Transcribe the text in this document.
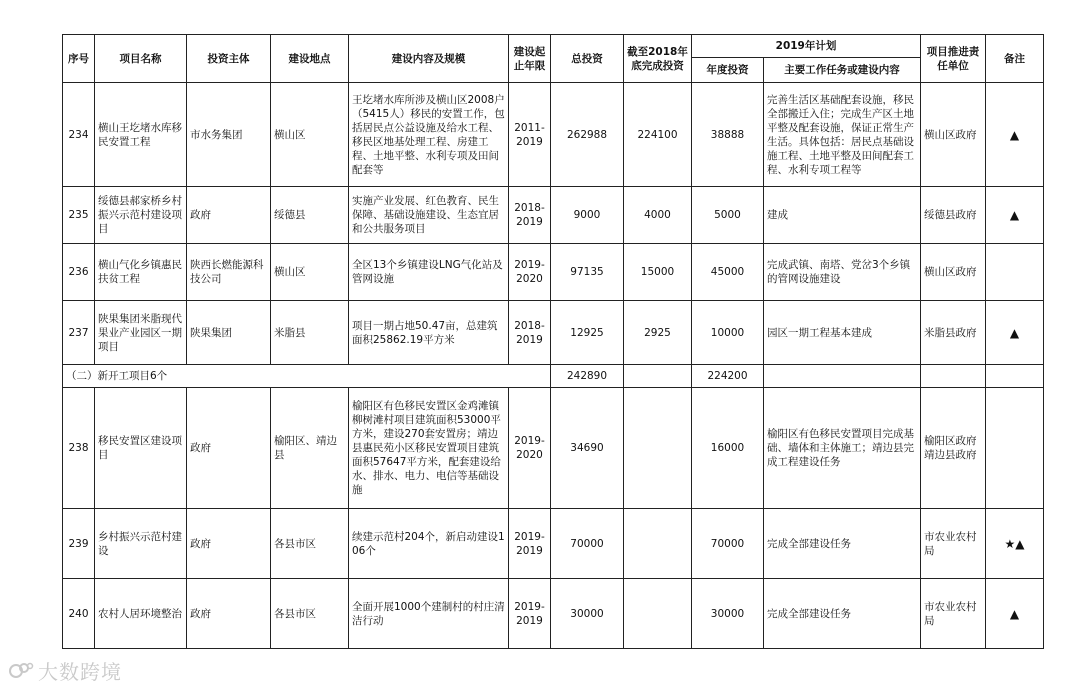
序号	项目名称	投资主体	建设地点	建设内容及规模	建设起止年限	总投资	截至2018年底完成投资	2019年计划		项目推进责任单位	备注
								年度投资	主要工作任务或建设内容		
234	横山王圪堵水库移民安置工程	市水务集团	横山区	王圪堵水库所涉及横山区2008户（5415人）移民的安置工作，包括居民点公益设施及给水工程、移民区地基处理工程、房建工程、土地平整、水利专项及田间配套等	2011-2019	262988	224100	38888	完善生活区基础配套设施，移民全部搬迁入住；完成生产区土地平整及配套设施，保证正常生产生活。具体包括：居民点基础设施工程、土地平整及田间配套工程、水利专项工程等	横山区政府	▲
235	绥德县郝家桥乡村振兴示范村建设项目	政府	绥德县	实施产业发展、红色教育、民生保障、基础设施建设、生态宜居和公共服务项目	2018-2019	9000	4000	5000	建成	绥德县政府	▲
236	横山气化乡镇惠民扶贫工程	陕西长燃能源科技公司	横山区	全区13个乡镇建设LNG气化站及管网设施	2019-2020	97135	15000	45000	完成武镇、南塔、党岔3个乡镇的管网设施建设	横山区政府	
237	陕果集团米脂现代果业产业园区一期项目	陕果集团	米脂县	项目一期占地50.47亩，总建筑面积25862.19平方米	2018-2019	12925	2925	10000	园区一期工程基本建成	米脂县政府	▲
（二）新开工项目6个						242890		224200			
238	移民安置区建设项目	政府	榆阳区、靖边县	榆阳区有色移民安置区金鸡滩镇柳树滩村项目建筑面积53000平方米，建设270套安置房；靖边县惠民苑小区移民安置项目建筑面积57647平方米，配套建设给水、排水、电力、电信等基础设施	2019-2020	34690		16000	榆阳区有色移民安置项目完成基础、墙体和主体施工；靖边县完成工程建设任务	榆阳区政府靖边县政府	
239	乡村振兴示范村建设	政府	各县市区	续建示范村204个，新启动建设106个	2019-2019	70000		70000	完成全部建设任务	市农业农村局	★▲
240	农村人居环境整治	政府	各县市区	全面开展1000个建制村的村庄清洁行动	2019-2019	30000		30000	完成全部建设任务	市农业农村局	▲
大数跨境
